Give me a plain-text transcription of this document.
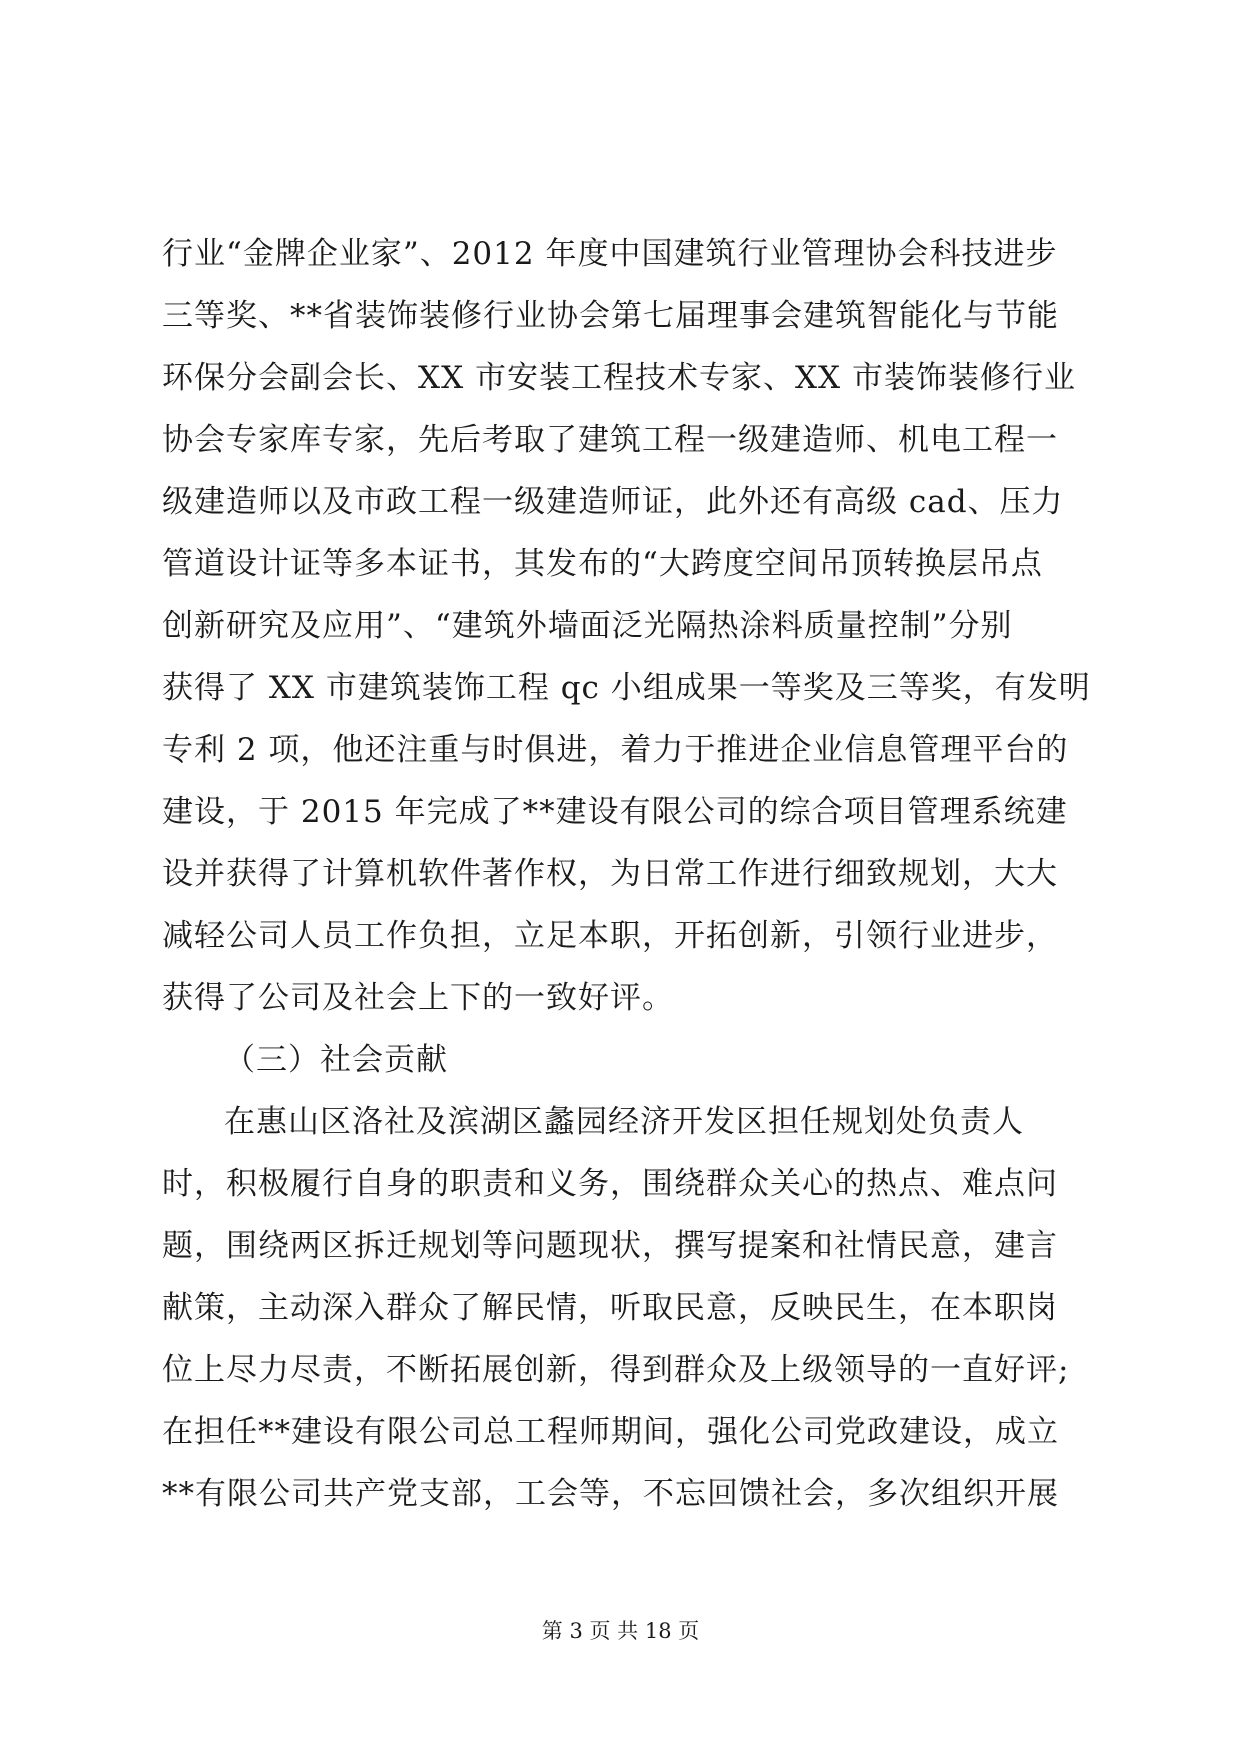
行业“金牌企业家”、2012 年度中国建筑行业管理协会科技进步
三等奖、**省装饰装修行业协会第七届理事会建筑智能化与节能
环保分会副会长、XX 市安装工程技术专家、XX 市装饰装修行业
协会专家库专家，先后考取了建筑工程一级建造师、机电工程一
级建造师以及市政工程一级建造师证，此外还有高级 cad、压力
管道设计证等多本证书，其发布的“大跨度空间吊顶转换层吊点
创新研究及应用”、“建筑外墙面泛光隔热涂料质量控制”分别
获得了 XX 市建筑装饰工程 qc 小组成果一等奖及三等奖，有发明
专利 2 项，他还注重与时俱进，着力于推进企业信息管理平台的
建设，于 2015 年完成了**建设有限公司的综合项目管理系统建
设并获得了计算机软件著作权，为日常工作进行细致规划，大大
减轻公司人员工作负担，立足本职，开拓创新，引领行业进步，
获得了公司及社会上下的一致好评。
（三）社会贡献
在惠山区洛社及滨湖区蠡园经济开发区担任规划处负责人
时，积极履行自身的职责和义务，围绕群众关心的热点、难点问
题，围绕两区拆迁规划等问题现状，撰写提案和社情民意，建言
献策，主动深入群众了解民情，听取民意，反映民生，在本职岗
位上尽力尽责，不断拓展创新，得到群众及上级领导的一直好评;
在担任**建设有限公司总工程师期间，强化公司党政建设，成立
**有限公司共产党支部，工会等，不忘回馈社会，多次组织开展
第 3 页 共 18 页
